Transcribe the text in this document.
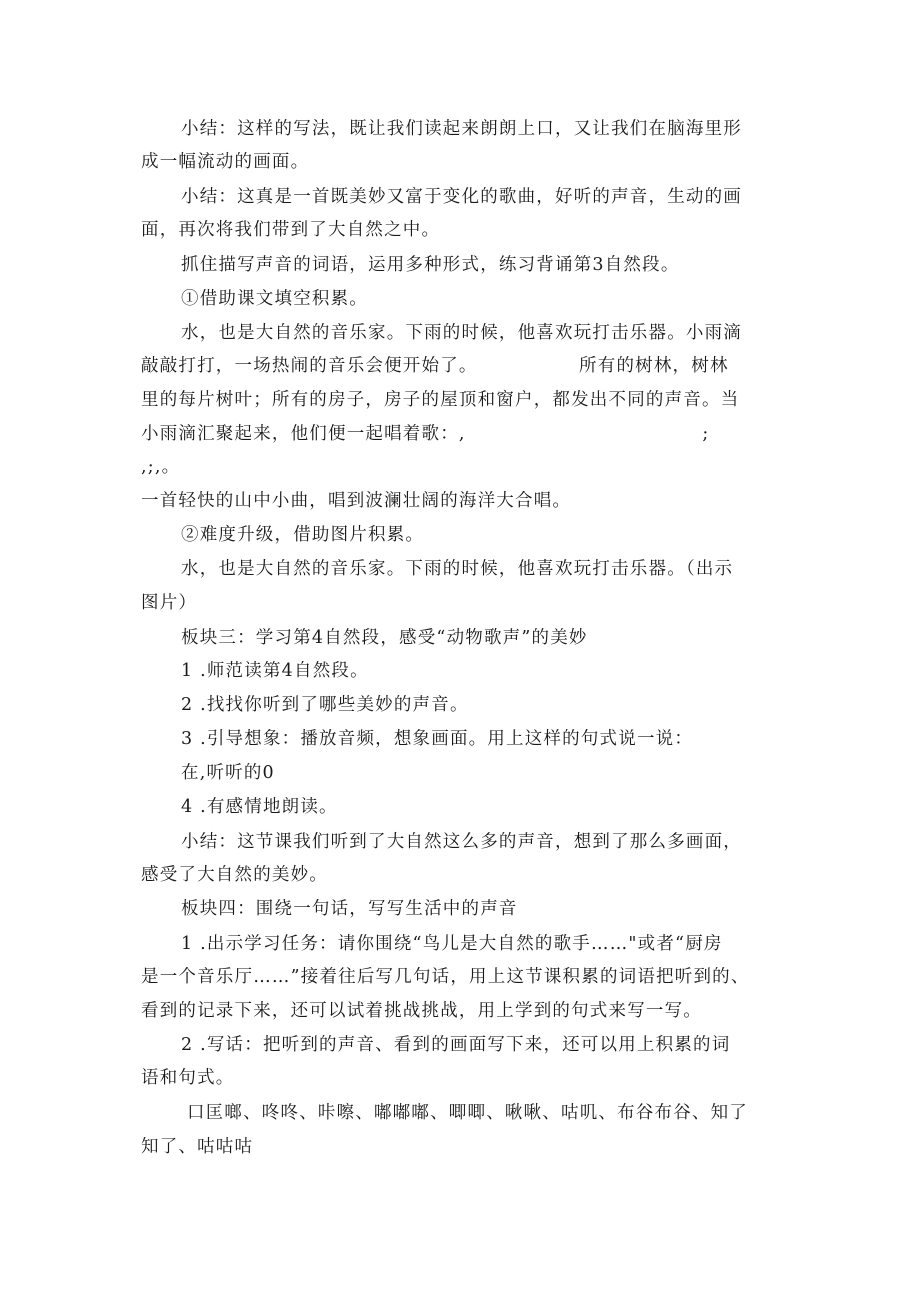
小结：这样的写法，既让我们读起来朗朗上口，又让我们在脑海里形
成一幅流动的画面。
小结：这真是一首既美妙又富于变化的歌曲，好听的声音，生动的画
面，再次将我们带到了大自然之中。
抓住描写声音的词语，运用多种形式，练习背诵第3自然段。
①借助课文填空积累。
水，也是大自然的音乐家。下雨的时候，他喜欢玩打击乐器。小雨滴
敲敲打打，一场热闹的音乐会便开始了。               所有的树林，树林
里的每片树叶；所有的房子，房子的屋顶和窗户，都发出不同的声音。当
小雨滴汇聚起来，他们便一起唱着歌：,                                   ;
,;,。
一首轻快的山中小曲，唱到波澜壮阔的海洋大合唱。
②难度升级，借助图片积累。
水，也是大自然的音乐家。下雨的时候，他喜欢玩打击乐器。（出示
图片）
板块三：学习第4自然段，感受“动物歌声”的美妙
1 .师范读第4自然段。
2 .找找你听到了哪些美妙的声音。
3 .引导想象：播放音频，想象画面。用上这样的句式说一说：
在,听听的0
4 .有感情地朗读。
小结：这节课我们听到了大自然这么多的声音，想到了那么多画面，
感受了大自然的美妙。
板块四：围绕一句话，写写生活中的声音
1 .出示学习任务：请你围绕“鸟儿是大自然的歌手……"或者“厨房
是一个音乐厅……”接着往后写几句话，用上这节课积累的词语把听到的、
看到的记录下来，还可以试着挑战挑战，用上学到的句式来写一写。
2 .写话：把听到的声音、看到的画面写下来，还可以用上积累的词
语和句式。
口匡啷、咚咚、咔嚓、嘟嘟嘟、唧唧、啾啾、咕叽、布谷布谷、知了
知了、咕咕咕
